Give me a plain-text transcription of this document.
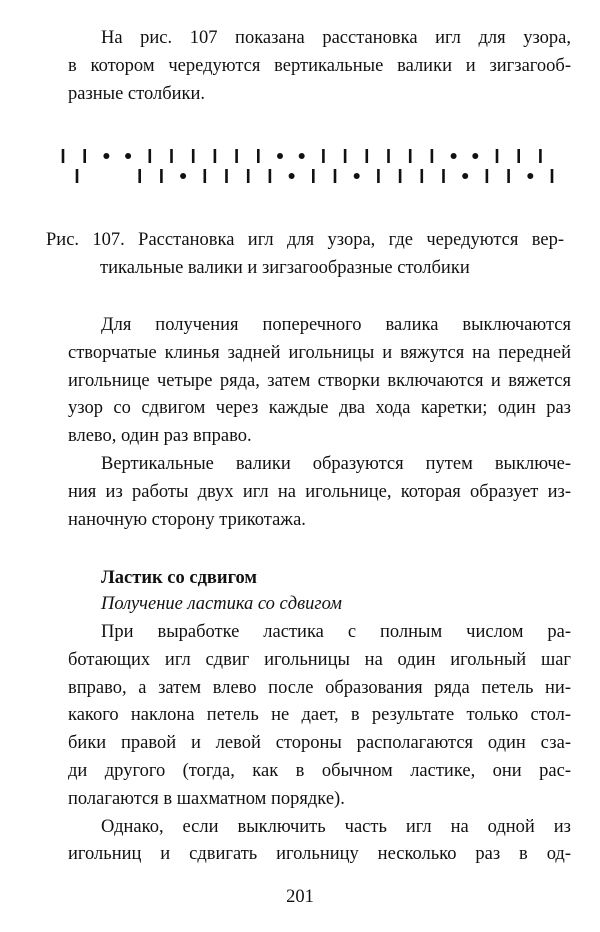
201
На рис. 107 показана расстановка игл для узора,
в котором чередуются вертикальные валики и зигзагооб-
разные столбики.
Рис. 107. Расстановка игл для узора, где чередуются вер-
тикальные валики и зигзагообразные столбики
Для получения поперечного валика выключаются
створчатые клинья задней игольницы и вяжутся на передней
игольнице четыре ряда, затем створки включаются и вяжется
узор со сдвигом через каждые два хода каретки; один раз
влево, один раз вправо.
Вертикальные валики образуются путем выключе-
ния из работы двух игл на игольнице, которая образует из-
наночную сторону трикотажа.
Ластик со сдвигом
Получение ластика со сдвигом
При выработке ластика с полным числом ра-
ботающих игл сдвиг игольницы на один игольный шаг
вправо, а затем влево после образования ряда петель ни-
какого наклона петель не дает, в результате только стол-
бики правой и левой стороны располагаются один сза-
ди другого (тогда, как в обычном ластике, они рас-
полагаются в шахматном порядке).
Однако, если выключить часть игл на одной из
игольниц и сдвигать игольницу несколько раз в од-
